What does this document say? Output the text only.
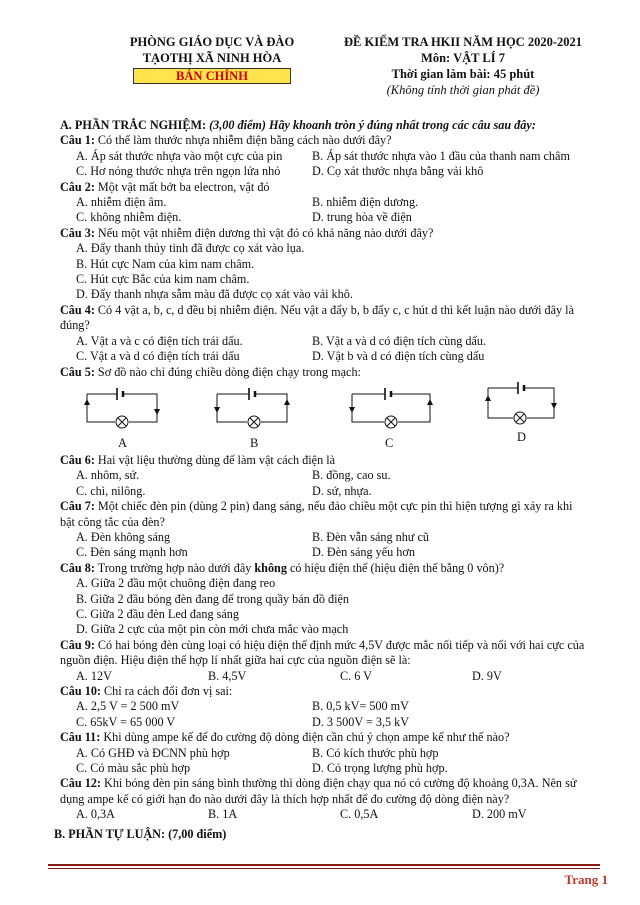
PHÒNG GIÁO DỤC VÀ ĐÀO
TẠOTHỊ XÃ NINH HÒA
BẢN CHÍNH
ĐỀ KIỂM TRA HKII NĂM HỌC 2020-2021
Môn: VẬT LÍ 7
Thời gian làm bài: 45 phút
(Không tính thời gian phát đề)
A. PHẦN TRẮC NGHIỆM: (3,00 điểm) Hãy khoanh tròn ý đúng nhất trong các câu sau đây:
Câu 1: Có thể làm thước nhựa nhiễm điện bằng cách nào dưới đây?
A. Áp sát thước nhựa vào một cực của pin	B. Áp sát thước nhựa vào 1 đầu của thanh nam châm
C. Hơ nóng thước nhựa trên ngọn lửa nhỏ	D. Cọ xát thước nhựa bằng vải khô
Câu 2: Một vật mất bớt ba electron, vật đó
A. nhiễm điện âm.	B. nhiễm điện dương.
C. không nhiễm điện.	D. trung hòa về điện
Câu 3: Nếu một vật nhiễm điện dương thì vật đó có khả năng nào dưới đây?
A. Đẩy thanh thủy tinh đã được cọ xát vào lụa.
B. Hút cực Nam của kim nam châm.
C. Hút cực Bắc của kim nam châm.
D. Đẩy thanh nhựa sẫm màu đã được cọ xát vào vải khô.
Câu 4: Có 4 vật a, b, c, d đều bị nhiễm điện. Nếu vật a đẩy b, b đẩy c, c hút d thì kết luận nào dưới đây là đúng?
A. Vật a và c có điện tích trái dấu.	B. Vật a và d có điện tích cùng dấu.
C. Vật a và d có điện tích trái dấu	D. Vật b và d có điện tích cùng dấu
Câu 5: Sơ đồ nào chỉ đúng chiều dòng điện chạy trong mạch:
A	B	C	D
Câu 6: Hai vật liệu thường dùng để làm vật cách điện là
A. nhôm, sứ.	B. đồng, cao su.
C. chì, nilông.	D. sứ, nhựa.
Câu 7: Một chiếc đèn pin (dùng 2 pin) đang sáng, nếu đảo chiều một cực pin thì hiện tượng gì xảy ra khi bật công tắc của đèn?
A. Đèn không sáng	B. Đèn vẫn sáng như cũ
C. Đèn sáng mạnh hơn	D. Đèn sáng yếu hơn
Câu 8: Trong trường hợp nào dưới đây không có hiệu điện thế (hiệu điện thế bằng 0 vôn)?
A. Giữa 2 đầu một chuông điện đang reo
B. Giữa 2 đầu bóng đèn đang để trong quầy bán đồ điện
C. Giữa 2 đầu đèn Led đang sáng
D. Giữa 2 cực của một pin còn mới chưa mắc vào mạch
Câu 9: Có hai bóng đèn cùng loại có hiệu điện thế định mức 4,5V được mắc nối tiếp và nối với hai cực của nguồn điện. Hiệu điện thế hợp lí nhất giữa hai cực của nguồn điện sẽ là:
A. 12V	B. 4,5V	C. 6 V	D. 9V
Câu 10: Chỉ ra cách đổi đơn vị sai:
A. 2,5 V = 2 500 mV	B. 0,5 kV= 500 mV
C. 65kV = 65 000 V	D. 3 500V = 3,5 kV
Câu 11: Khi dùng ampe kế để đo cường độ dòng điện cần chú ý chọn ampe kế như thế nào?
A. Có GHĐ và ĐCNN phù hợp	B. Có kích thước phù hợp
C. Có màu sắc phù hợp	D. Có trọng lượng phù hợp.
Câu 12: Khi bóng đèn pin sáng bình thường thì dòng điện chạy qua nó có cường độ khoảng 0,3A. Nên sử dụng ampe kế có giới hạn đo nào dưới đây là thích hợp nhất để đo cường độ dòng điện này?
A. 0,3A	B. 1A	C. 0,5A	D. 200 mV
B. PHẦN TỰ LUẬN: (7,00 điểm)
Trang 1
